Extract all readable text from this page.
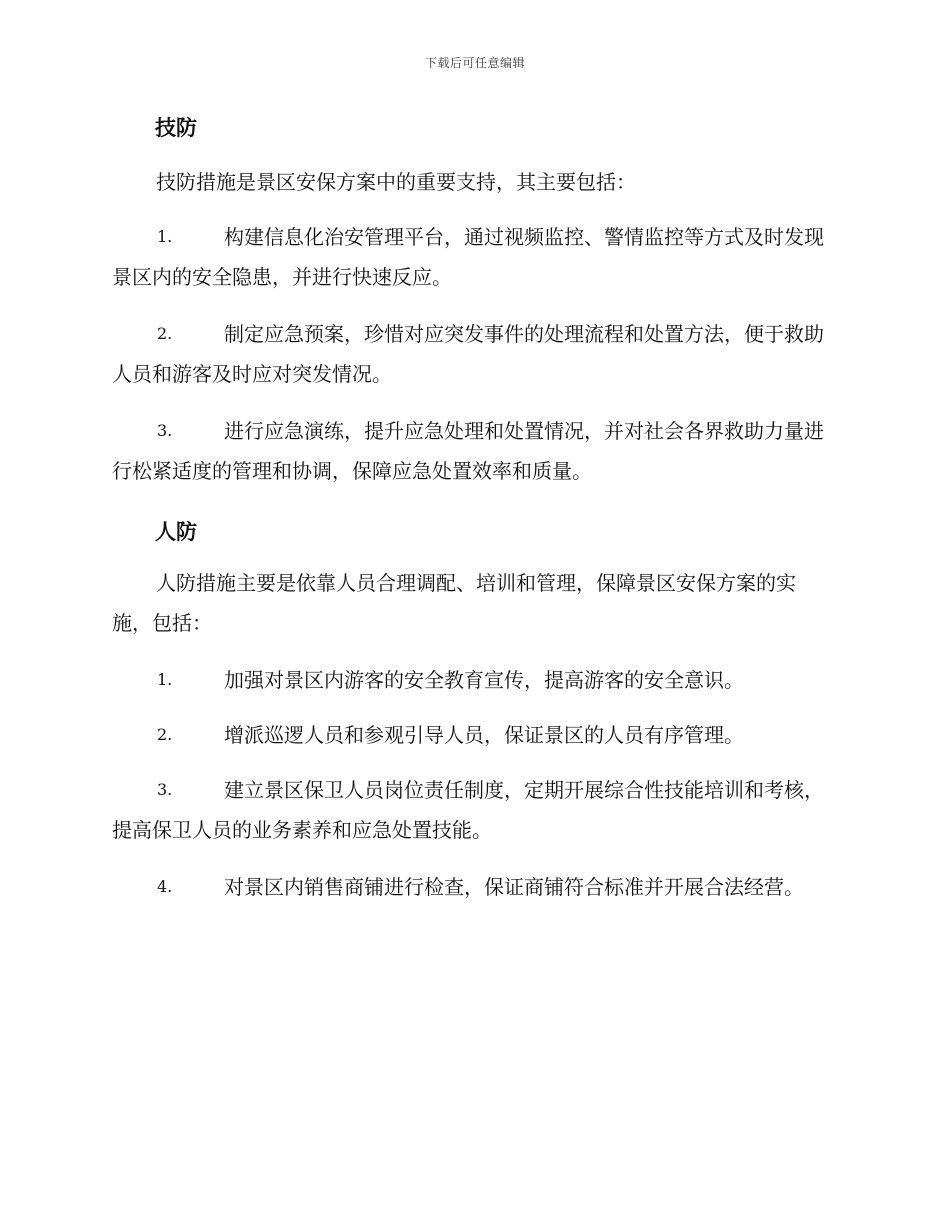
下载后可任意编辑
技防
技防措施是景区安保方案中的重要支持，其主要包括：
1.	构建信息化治安管理平台，通过视频监控、警情监控等方式及时发现景区内的安全隐患，并进行快速反应。
2.	制定应急预案，珍惜对应突发事件的处理流程和处置方法，便于救助人员和游客及时应对突发情况。
3.	进行应急演练，提升应急处理和处置情况，并对社会各界救助力量进行松紧适度的管理和协调，保障应急处置效率和质量。
人防
人防措施主要是依靠人员合理调配、培训和管理，保障景区安保方案的实施，包括：
1.	加强对景区内游客的安全教育宣传，提高游客的安全意识。
2.	增派巡逻人员和参观引导人员，保证景区的人员有序管理。
3.	建立景区保卫人员岗位责任制度，定期开展综合性技能培训和考核，提高保卫人员的业务素养和应急处置技能。
4.	对景区内销售商铺进行检查，保证商铺符合标准并开展合法经营。
